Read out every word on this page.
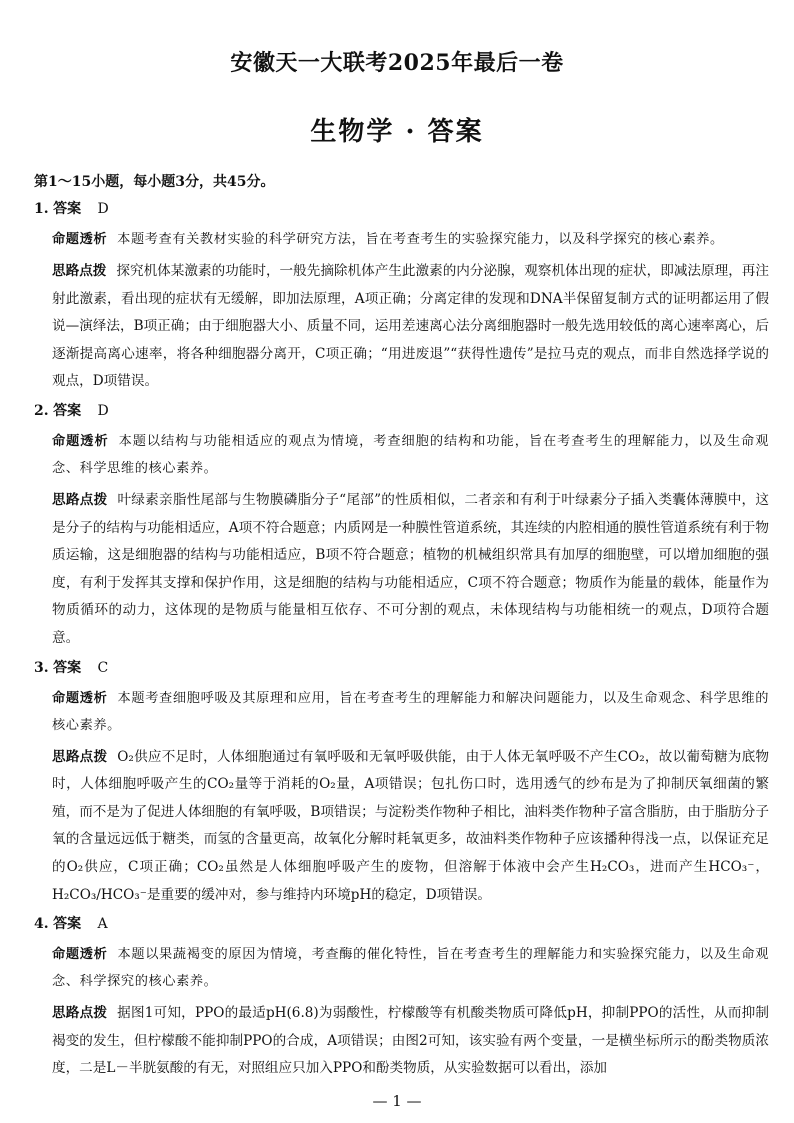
安徽天一大联考2025年最后一卷
生物学 · 答案
第1～15小题，每小题3分，共45分。
1. 答案 D
命题透析 本题考查有关教材实验的科学研究方法，旨在考查考生的实验探究能力，以及科学探究的核心素养。
思路点拨 探究机体某激素的功能时，一般先摘除机体产生此激素的内分泌腺，观察机体出现的症状，即减法原理，再注射此激素，看出现的症状有无缓解，即加法原理，A项正确；分离定律的发现和DNA半保留复制方式的证明都运用了假说—演绎法，B项正确；由于细胞器大小、质量不同，运用差速离心法分离细胞器时一般先选用较低的离心速率离心，后逐渐提高离心速率，将各种细胞器分离开，C项正确；“用进废退”“获得性遗传”是拉马克的观点，而非自然选择学说的观点，D项错误。
2. 答案 D
命题透析 本题以结构与功能相适应的观点为情境，考查细胞的结构和功能，旨在考查考生的理解能力，以及生命观念、科学思维的核心素养。
思路点拨 叶绿素亲脂性尾部与生物膜磷脂分子“尾部”的性质相似，二者亲和有利于叶绿素分子插入类囊体薄膜中，这是分子的结构与功能相适应，A项不符合题意；内质网是一种膜性管道系统，其连续的内腔相通的膜性管道系统有利于物质运输，这是细胞器的结构与功能相适应，B项不符合题意；植物的机械组织常具有加厚的细胞壁，可以增加细胞的强度，有利于发挥其支撑和保护作用，这是细胞的结构与功能相适应，C项不符合题意；物质作为能量的载体，能量作为物质循环的动力，这体现的是物质与能量相互依存、不可分割的观点，未体现结构与功能相统一的观点，D项符合题意。
3. 答案 C
命题透析 本题考查细胞呼吸及其原理和应用，旨在考查考生的理解能力和解决问题能力，以及生命观念、科学思维的核心素养。
思路点拨 O₂供应不足时，人体细胞通过有氧呼吸和无氧呼吸供能，由于人体无氧呼吸不产生CO₂，故以葡萄糖为底物时，人体细胞呼吸产生的CO₂量等于消耗的O₂量，A项错误；包扎伤口时，选用透气的纱布是为了抑制厌氧细菌的繁殖，而不是为了促进人体细胞的有氧呼吸，B项错误；与淀粉类作物种子相比，油料类作物种子富含脂肪，由于脂肪分子氧的含量远远低于糖类，而氢的含量更高，故氧化分解时耗氧更多，故油料类作物种子应该播种得浅一点，以保证充足的O₂供应，C项正确；CO₂虽然是人体细胞呼吸产生的废物，但溶解于体液中会产生H₂CO₃，进而产生HCO₃⁻，H₂CO₃/HCO₃⁻是重要的缓冲对，参与维持内环境pH的稳定，D项错误。
4. 答案 A
命题透析 本题以果蔬褐变的原因为情境，考查酶的催化特性，旨在考查考生的理解能力和实验探究能力，以及生命观念、科学探究的核心素养。
思路点拨 据图1可知，PPO的最适pH(6.8)为弱酸性，柠檬酸等有机酸类物质可降低pH，抑制PPO的活性，从而抑制褐变的发生，但柠檬酸不能抑制PPO的合成，A项错误；由图2可知，该实验有两个变量，一是横坐标所示的酚类物质浓度，二是L－半胱氨酸的有无，对照组应只加入PPO和酚类物质，从实验数据可以看出，添加
— 1 —
